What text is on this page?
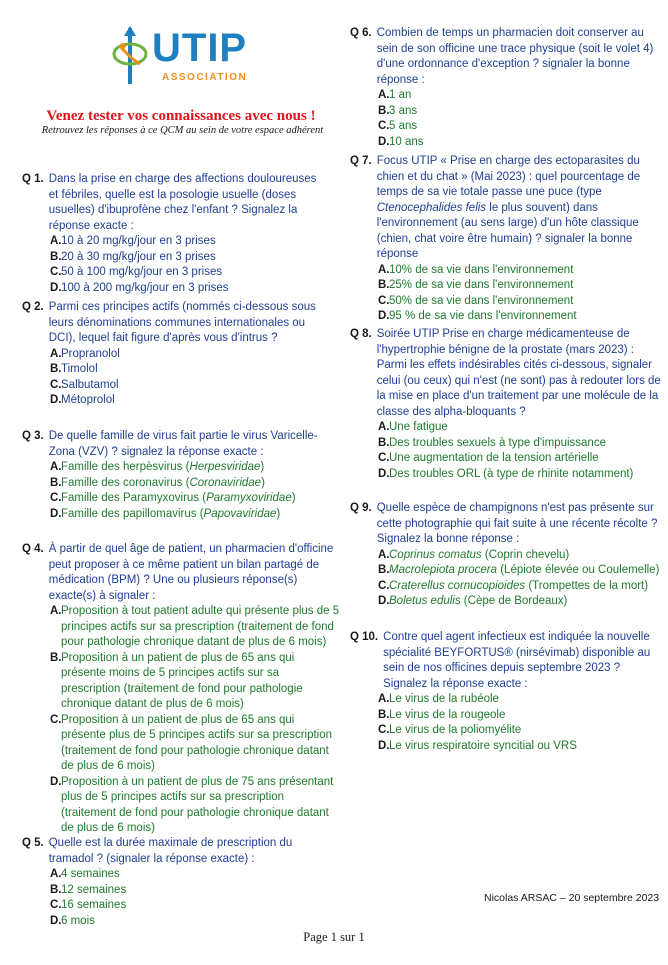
UTIP
ASSOCIATION
Venez tester vos connaissances avec nous !
Retrouvez les réponses à ce QCM au sein de votre espace adhérent
Q 1. Dans la prise en charge des affections douloureuses et fébriles, quelle est la posologie usuelle (doses usuelles) d'ibuprofène chez l'enfant ? Signalez la réponse exacte :
A. 10 à 20 mg/kg/jour en 3 prises
B. 20 à 30 mg/kg/jour en 3 prises
C. 50 à 100 mg/kg/jour en 3 prises
D. 100 à 200 mg/kg/jour en 3 prises
Q 2. Parmi ces principes actifs (nommés ci-dessous sous leurs dénominations communes internationales ou DCI), lequel fait figure d'après vous d'intrus ?
A. Propranolol
B. Timolol
C. Salbutamol
D. Métoprolol
Q 3. De quelle famille de virus fait partie le virus Varicelle-Zona (VZV) ? signalez la réponse exacte :
A. Famille des herpèsvirus (Herpesviridae)
B. Famille des coronavirus (Coronaviridae)
C. Famille des Paramyxovirus (Paramyxoviridae)
D. Famille des papillomavirus (Papovaviridae)
Q 4. À partir de quel âge de patient, un pharmacien d'officine peut proposer à ce même patient un bilan partagé de médication (BPM) ? Une ou plusieurs réponse(s) exacte(s) à signaler :
A. Proposition à tout patient adulte qui présente plus de 5 principes actifs sur sa prescription (traitement de fond pour pathologie chronique datant de plus de 6 mois)
B. Proposition à un patient de plus de 65 ans qui présente moins de 5 principes actifs sur sa prescription (traitement de fond pour pathologie chronique datant de plus de 6 mois)
C. Proposition à un patient de plus de 65 ans qui présente plus de 5 principes actifs sur sa prescription (traitement de fond pour pathologie chronique datant de plus de 6 mois)
D. Proposition à un patient de plus de 75 ans présentant plus de 5 principes actifs sur sa prescription (traitement de fond pour pathologie chronique datant de plus de 6 mois)
Q 5. Quelle est la durée maximale de prescription du tramadol ? (signaler la réponse exacte) :
A. 4 semaines
B. 12 semaines
C. 16 semaines
D. 6 mois
Q 6. Combien de temps un pharmacien doit conserver au sein de son officine une trace physique (soit le volet 4) d'une ordonnance d'exception ? signaler la bonne réponse :
A. 1 an
B. 3 ans
C. 5 ans
D. 10 ans
Q 7. Focus UTIP « Prise en charge des ectoparasites du chien et du chat » (Mai 2023) : quel pourcentage de temps de sa vie totale passe une puce (type Ctenocephalides felis le plus souvent) dans l'environnement (au sens large) d'un hôte classique (chien, chat voire être humain) ? signaler la bonne réponse
A. 10% de sa vie dans l'environnement
B. 25% de sa vie dans l'environnement
C. 50% de sa vie dans l'environnement
D. 95 % de sa vie dans l'environnement
Q 8. Soirée UTIP Prise en charge médicamenteuse de l'hypertrophie bénigne de la prostate (mars 2023) : Parmi les effets indésirables cités ci-dessous, signaler celui (ou ceux) qui n'est (ne sont) pas à redouter lors de la mise en place d'un traitement par une molécule de la classe des alpha-bloquants ?
A. Une fatigue
B. Des troubles sexuels à type d'impuissance
C. Une augmentation de la tension artérielle
D. Des troubles ORL (à type de rhinite notamment)
Q 9. Quelle espèce de champignons n'est pas présente sur cette photographie qui fait suite à une récente récolte ? Signalez la bonne réponse :
A. Coprinus comatus (Coprin chevelu)
B. Macrolepiota procera (Lépiote élevée ou Coulemelle)
C. Craterellus cornucopioides (Trompettes de la mort)
D. Boletus edulis (Cèpe de Bordeaux)
Q 10. Contre quel agent infectieux est indiquée la nouvelle spécialité BEYFORTUS® (nirsévimab) disponible au sein de nos officines depuis septembre 2023 ? Signalez la réponse exacte :
A. Le virus de la rubéole
B. Le virus de la rougeole
C. Le virus de la poliomyélite
D. Le virus respiratoire syncitial ou VRS
Nicolas ARSAC – 20 septembre 2023
Page 1 sur 1
